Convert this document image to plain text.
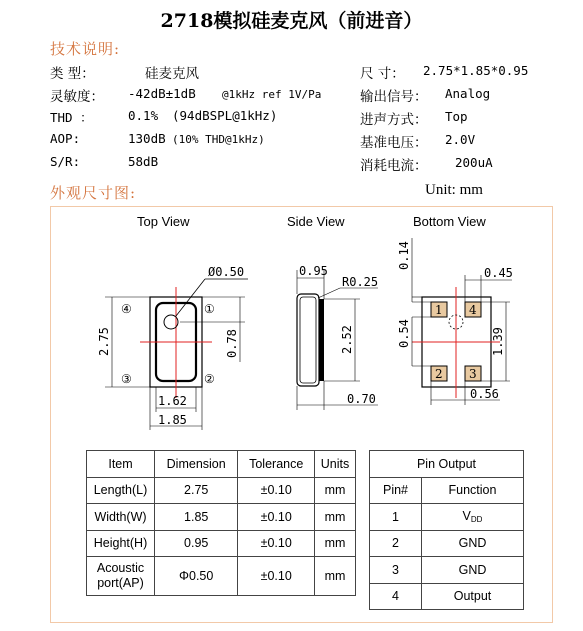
2718模拟硅麦克风（前进音）
技术说明:
类 型：	硅麦克风
灵敏度： -42dB±1dB @1kHz ref 1V/Pa
THD ：	0.1% (94dBSPL@1kHz)
AOP:	130dB (10% THD@1kHz)
S/R:	58dB
尺 寸： 2.75*1.85*0.95
输出信号： Analog
进声方式： Top
基准电压： 2.0V
消耗电流： 200uA
外观尺寸图:	Unit: mm
Top View	Side View	Bottom View
Ø0.50
2.75	0.78
1.62
1.85
④	①
③	②
0.95
R0.25
2.52
0.70
1 4
2 3
0.14
0.45
0.54	1.39
0.56
Item	Dimension	Tolerance	Units
Length(L)	2.75	±0.10	mm
Width(W)	1.85	±0.10	mm
Height(H)	0.95	±0.10	mm
Acoustic port(AP)	Φ0.50	±0.10	mm
Pin Output	
Pin#	Function
1	$V_{DD}$
2	GND
3	GND
4	Output
